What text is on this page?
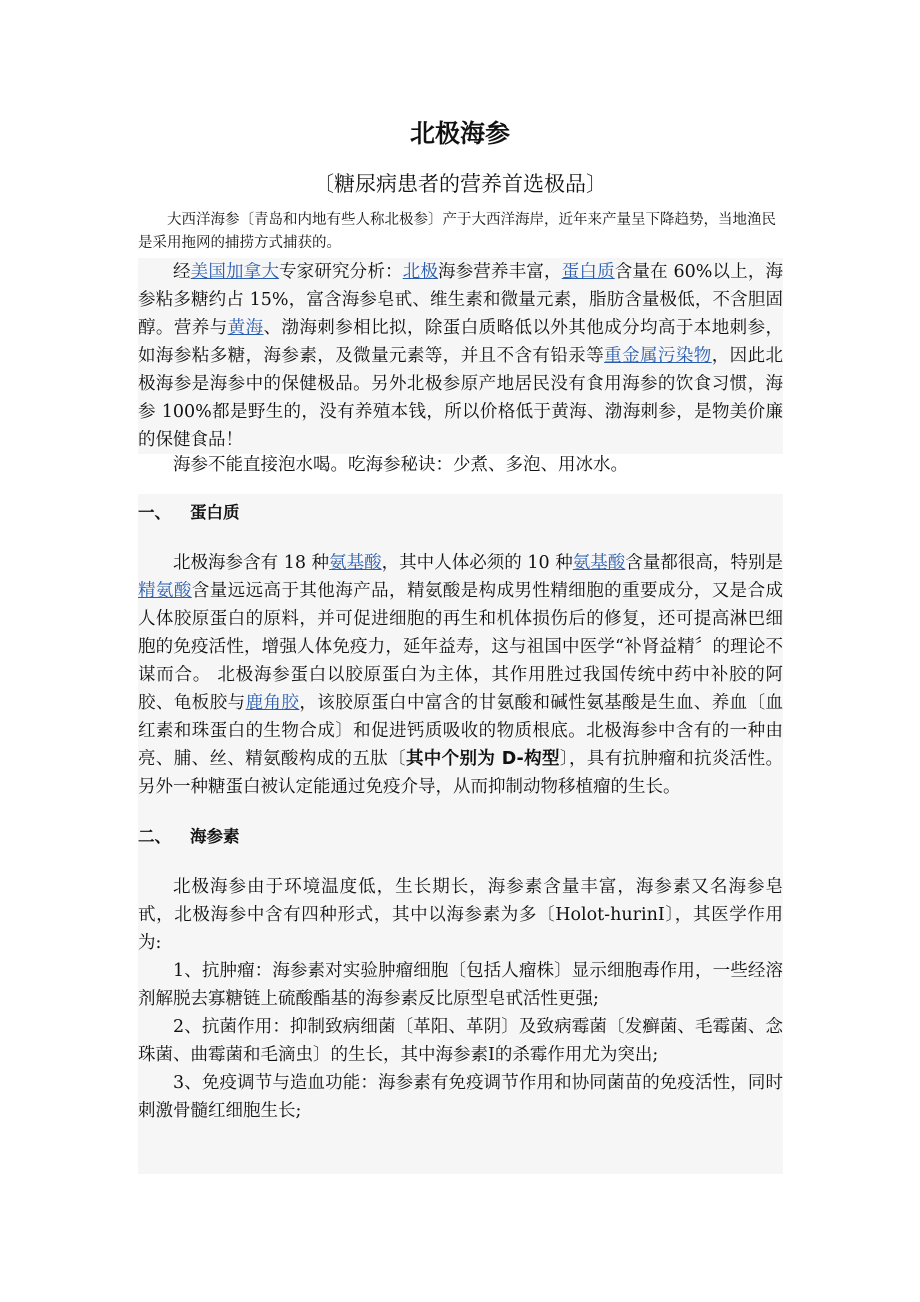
北极海参
〔糖尿病患者的营养首选极品〕

大西洋海参〔青岛和内地有些人称北极参〕产于大西洋海岸，近年来产量呈下降趋势，当地渔民是采用拖网的捕捞方式捕获的。

经美国加拿大专家研究分析：北极海参营养丰富，蛋白质含量在 60%以上，海参粘多糖约占 15%，富含海参皂甙、维生素和微量元素，脂肪含量极低，不含胆固醇。营养与黄海、渤海刺参相比拟，除蛋白质略低以外其他成分均高于本地刺参，如海参粘多糖，海参素，及微量元素等，并且不含有铅汞等重金属污染物，因此北极海参是海参中的保健极品。另外北极参原产地居民没有食用海参的饮食习惯，海参 100%都是野生的，没有养殖本钱，所以价格低于黄海、渤海刺参，是物美价廉的保健食品！

海参不能直接泡水喝。吃海参秘诀：少煮、多泡、用冰水。

一、 蛋白质

北极海参含有 18 种氨基酸，其中人体必须的 10 种氨基酸含量都很高，特别是精氨酸含量远远高于其他海产品，精氨酸是构成男性精细胞的重要成分，又是合成人体胶原蛋白的原料，并可促进细胞的再生和机体损伤后的修复，还可提高淋巴细胞的免疫活性，增强人体免疫力，延年益寿，这与祖国中医学“补肾益精〞的理论不谋而合。 北极海参蛋白以胶原蛋白为主体，其作用胜过我国传统中药中补胶的阿胶、龟板胶与鹿角胶，该胶原蛋白中富含的甘氨酸和碱性氨基酸是生血、养血〔血红素和珠蛋白的生物合成〕和促进钙质吸收的物质根底。北极海参中含有的一种由亮、脯、丝、精氨酸构成的五肽〔其中个别为 D-构型〕，具有抗肿瘤和抗炎活性。另外一种糖蛋白被认定能通过免疫介导，从而抑制动物移植瘤的生长。

二、 海参素

北极海参由于环境温度低，生长期长，海参素含量丰富，海参素又名海参皂甙，北极海参中含有四种形式，其中以海参素为多〔Holot-hurinI〕，其医学作用为:

1、抗肿瘤：海参素对实验肿瘤细胞〔包括人瘤株〕显示细胞毒作用，一些经溶剂解脱去寡糖链上硫酸酯基的海参素反比原型皂甙活性更强;

2、抗菌作用：抑制致病细菌〔革阳、革阴〕及致病霉菌〔发癣菌、毛霉菌、念珠菌、曲霉菌和毛滴虫〕的生长，其中海参素Ⅰ的杀霉作用尤为突出;

3、免疫调节与造血功能：海参素有免疫调节作用和协同菌苗的免疫活性，同时刺激骨髓红细胞生长;
